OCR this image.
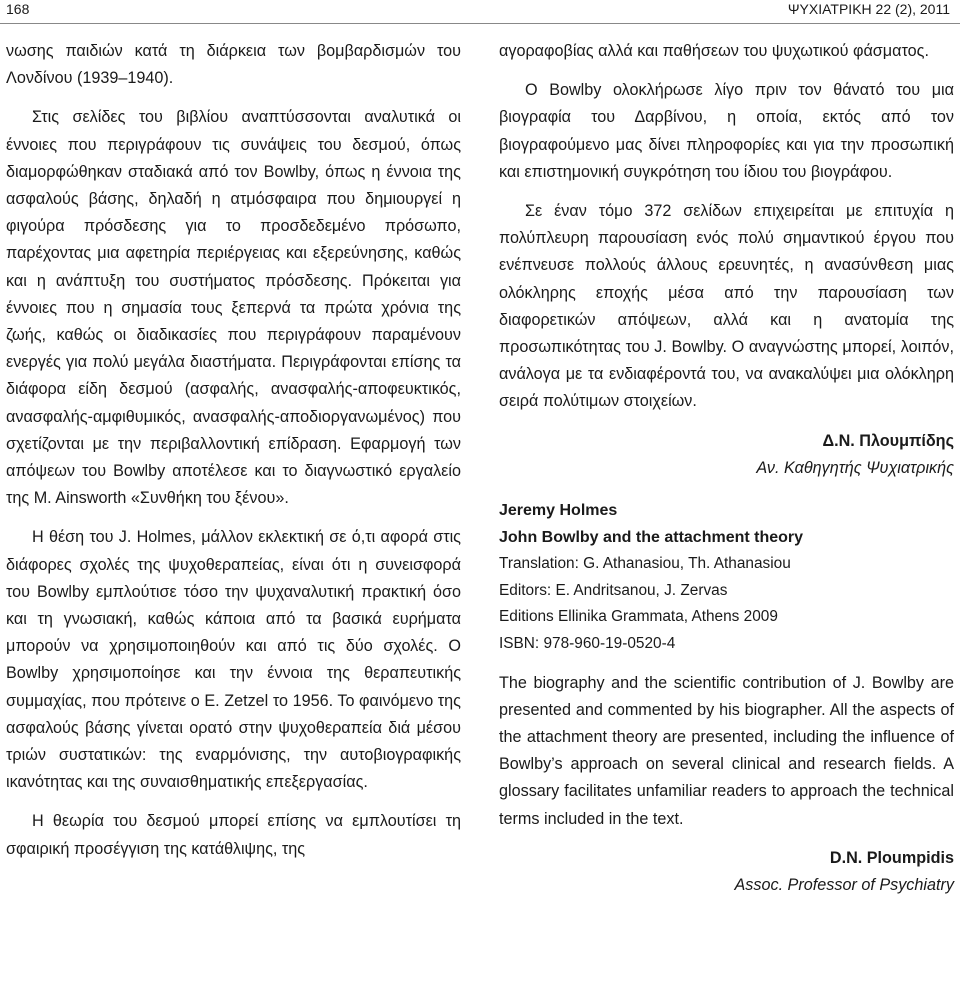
168	ΨΥΧΙΑΤΡΙΚΗ 22 (2), 2011

νωσης παιδιών κατά τη διάρκεια των βομβαρδισμών του Λονδίνου (1939–1940).

Στις σελίδες του βιβλίου αναπτύσσονται αναλυτικά οι έννοιες που περιγράφουν τις συνάψεις του δεσμού, όπως διαμορφώθηκαν σταδιακά από τον Bowlby, όπως η έννοια της ασφαλούς βάσης, δηλαδή η ατμόσφαιρα που δημιουργεί η φιγούρα πρόσδεσης για το προσδεδεμένο πρόσωπο, παρέχοντας μια αφετηρία περιέργειας και εξερεύνησης, καθώς και η ανάπτυξη του συστήματος πρόσδεσης. Πρόκειται για έννοιες που η σημασία τους ξεπερνά τα πρώτα χρόνια της ζωής, καθώς οι διαδικασίες που περιγράφουν παραμένουν ενεργές για πολύ μεγάλα διαστήματα. Περιγράφονται επίσης τα διάφορα είδη δεσμού (ασφαλής, ανασφαλής-αποφευκτικός, ανασφαλής-αμφιθυμικός, ανασφαλής-αποδιοργανωμένος) που σχετίζονται με την περιβαλλοντική επίδραση. Εφαρμογή των απόψεων του Bowlby αποτέλεσε και το διαγνωστικό εργαλείο της M. Ainsworth «Συνθήκη του ξένου».

Η θέση του J. Holmes, μάλλον εκλεκτική σε ό,τι αφορά στις διάφορες σχολές της ψυχοθεραπείας, είναι ότι η συνεισφορά του Bowlby εμπλούτισε τόσο την ψυχαναλυτική πρακτική όσο και τη γνωσιακή, καθώς κάποια από τα βασικά ευρήματα μπορούν να χρησιμοποιηθούν και από τις δύο σχολές. Ο Bowlby χρησιμοποίησε και την έννοια της θεραπευτικής συμμαχίας, που πρότεινε ο E. Zetzel το 1956. Το φαινόμενο της ασφαλούς βάσης γίνεται ορατό στην ψυχοθεραπεία διά μέσου τριών συστατικών: της εναρμόνισης, την αυτοβιογραφικής ικανότητας και της συναισθηματικής επεξεργασίας.

Η θεωρία του δεσμού μπορεί επίσης να εμπλουτίσει τη σφαιρική προσέγγιση της κατάθλιψης, της

αγοραφοβίας αλλά και παθήσεων του ψυχωτικού φάσματος.

Ο Bowlby ολοκλήρωσε λίγο πριν τον θάνατό του μια βιογραφία του Δαρβίνου, η οποία, εκτός από τον βιογραφούμενο μας δίνει πληροφορίες και για την προσωπική και επιστημονική συγκρότηση του ίδιου του βιογράφου.

Σε έναν τόμο 372 σελίδων επιχειρείται με επιτυχία η πολύπλευρη παρουσίαση ενός πολύ σημαντικού έργου που ενέπνευσε πολλούς άλλους ερευνητές, η ανασύνθεση μιας ολόκληρης εποχής μέσα από την παρουσίαση των διαφορετικών απόψεων, αλλά και η ανατομία της προσωπικότητας του J. Bowlby. Ο αναγνώστης μπορεί, λοιπόν, ανάλογα με τα ενδιαφέροντά του, να ανακαλύψει μια ολόκληρη σειρά πολύτιμων στοιχείων.

Δ.Ν. Πλουμπίδης

Αν. Καθηγητής Ψυχιατρικής

Jeremy Holmes

John Bowlby and the attachment theory

Translation: G. Athanasiou, Th. Athanasiou

Editors: E. Andritsanou, J. Zervas

Editions Ellinika Grammata, Athens 2009

ISBN: 978-960-19-0520-4

The biography and the scientific contribution of J. Bowlby are presented and commented by his biographer. All the aspects of the attachment theory are presented, including the influence of Bowlby’s approach on several clinical and research fields. A glossary facilitates unfamiliar readers to approach the technical terms included in the text.

D.N. Ploumpidis

Assoc. Professor of Psychiatry
